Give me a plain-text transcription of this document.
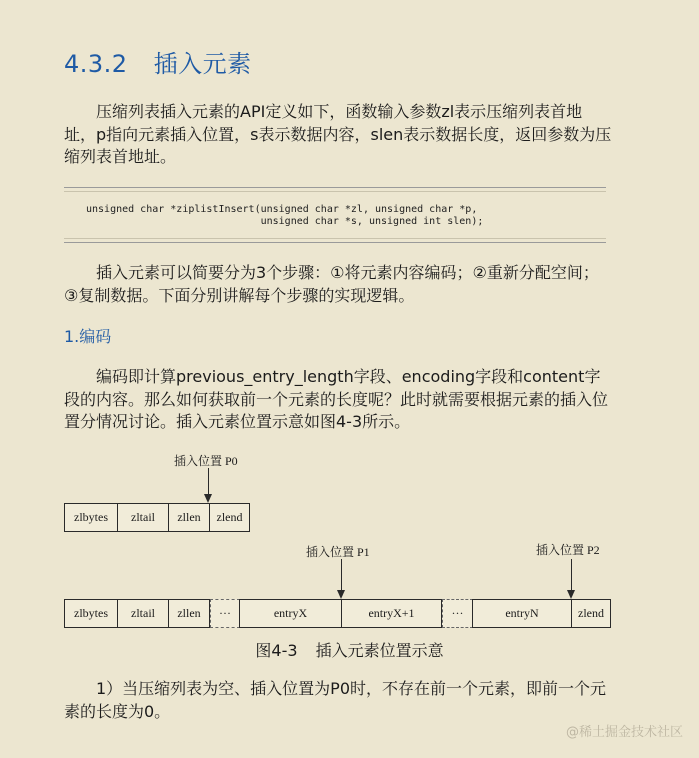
4.3.2 插入元素
压缩列表插入元素的API定义如下，函数输入参数zl表示压缩列表首地址，p指向元素插入位置，s表示数据内容，slen表示数据长度，返回参数为压缩列表首地址。
unsigned char *ziplistInsert(unsigned char *zl, unsigned char *p,
unsigned char *s, unsigned int slen);
插入元素可以简要分为3个步骤：①将元素内容编码；②重新分配空间；③复制数据。下面分别讲解每个步骤的实现逻辑。
1.编码
编码即计算previous_entry_length字段、encoding字段和content字段的内容。那么如何获取前一个元素的长度呢？此时就需要根据元素的插入位置分情况讨论。插入元素位置示意如图4-3所示。
插入位置 P0
zlbytes	zltail	zllen	zlend
插入位置 P1	插入位置 P2
zlbytes	zltail	zllen	···	entryX	entryX+1	···	entryN	zlend
图4-3 插入元素位置示意
1）当压缩列表为空、插入位置为P0时，不存在前一个元素，即前一个元素的长度为0。
@稀土掘金技术社区
